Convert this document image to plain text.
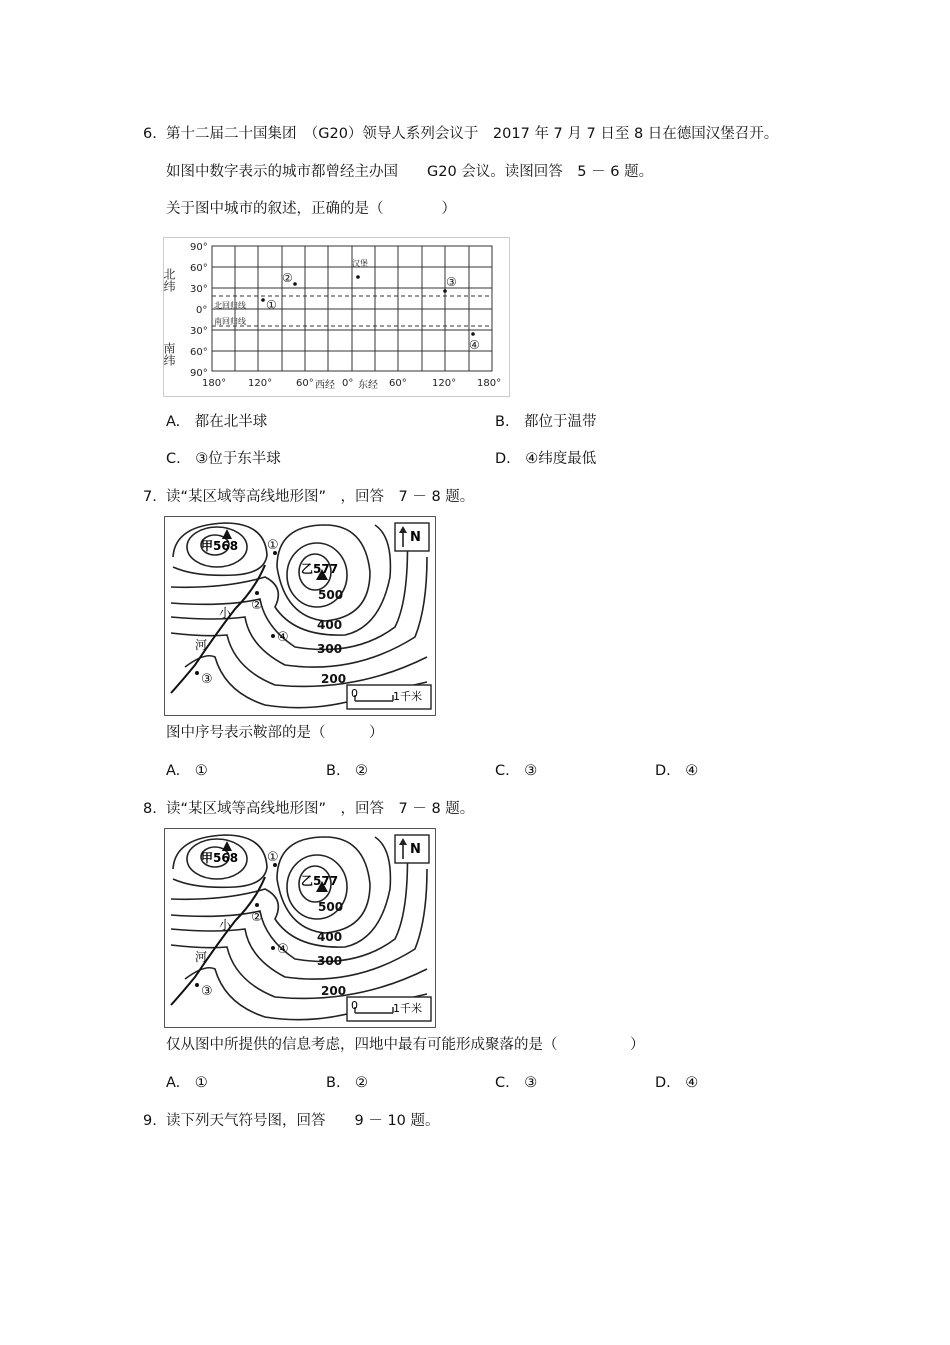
6. 第十二届二十国集团　（G20）领导人系列会议于　2017 年 7 月 7 日至 8 日在德国汉堡召开。
如图中数字表示的城市都曾经主办国　　G20 会议。读图回答　5 － 6 题。
关于图中城市的叙述，正确的是（　　　　）
90°
60°
30°
0°
30°
60°
90°
180° 120° 60° 西经 0° 东经 60°	120° 180°
北纬
南纬
北回归线
南回归线
汉堡
①
②	③
④
A.　都在北半球	B.　都位于温带
C.　③位于东半球	D.　④纬度最低
7. 读“某区域等高线地形图”　，回答　7 － 8 题。
N
0	1千米
甲568
乙577
500
400
300
200
小
河
①
②
③
④
图中序号表示鞍部的是（　　　）
A.　①	B.　②	C.　③	D.　④
8. 读“某区域等高线地形图”　，回答　7 － 8 题。
N
0	1千米
甲568
乙577
500
400
300
200
小
河
①
②
③
④
仅从图中所提供的信息考虑，四地中最有可能形成聚落的是（　　　　　）
A.　①	B.　②	C.　③	D.　④
9. 读下列天气符号图，回答　　9 － 10 题。
